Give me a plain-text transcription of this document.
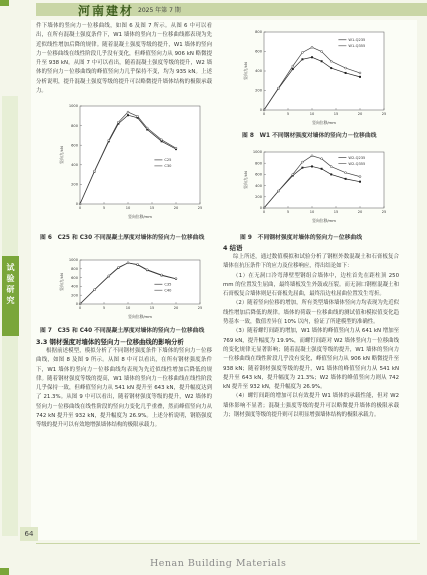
河南建材 2025 年第 7 期
试验研究

件下墙体的竖向力－位移曲线，如图 6 及图 7 所示。从图 6 中可以看出，在所有混凝土强度条件下，W1 墙体的竖向力－位移曲线都表现为先近似线性增加后降的规律。随着混凝土强度等级的提升，W1 墙体的竖向力－位移曲线在线性阶段几乎没有变化，但峰值竖向力从 906 kN 略微提升至 938 kN。从图 7 中可以看出，随着混凝土强度等级的提升，W2 墙体的竖向力－位移曲线的峰值竖向力几乎保持不变，均为 935 kN。上述分析说明，提升混凝土强度等级的提升可以略微提升墙体结构的极限承载力。

0	5	10	15	20	25
0
200
400
600
800
1000
竖向位移/mm
竖向力/kN	C25
C30
图 6　C25 和 C30 不同混凝土厚度对墙体的竖向力－位移曲线
0	5	10	15	20	25
0
200
400
600
800
1000
竖向位移/mm
竖向力/kN	C35
C40
图 7　C35 和 C40 不同混凝土厚度对墙体的竖向力－位移曲线
3.3 钢材强度对墙体的竖向力－位移曲线的影响分析

根据前述模型，模拟分析了不同钢材强度条件下墙体的竖向力－位移曲线，如图 8 及图 9 所示。从图 8 中可以看出，在所有钢材强度条件下，W1 墙体的竖向力－位移曲线均表现为先近似线性增加后降低的规律。随着钢材强度等级的提高，W1 墙体的竖向力－位移曲线在线性阶段几乎保持一致，但峰值竖向力从 541 kN 提升至 643 kN，提升幅度达到了 21.3%。从图 9 中可以看出，随着钢材强度等级的提升，W2 墙体的竖向力－位移曲线在线性阶段的竖向力变化几乎重叠，然而峰值竖向力从 742 kN 提升至 932 kN，提升幅度为 26.9%。上述分析说明，钢筋强度等级的提升可以有效地增强墙体结构的极限承载力。

0	5	10	15	20	25
0
200
400
600
800
竖向位移/mm
竖向力/kN
W1-Q235
W1-Q355
图 8　W1 不同钢材强度对墙体的竖向力－位移曲线
0	5	10	15	20	25
0
200
400
600
800
1000
竖向位移/mm
竖向力/kN
W2-Q235
W2-Q355
图 9　不同钢材强度对墙体的竖向力－位移曲线
4 结语

综上所述，通过数值模拟和试验分析了钢框外数混凝土和石膏板复合墙体在抗压条件下的应力及位移响应，得出结论如下：

（1）在无洞口冷弯薄壁型钢组合墙体中，边柱首先在距柱顶 250 mm 的位置发生屈曲，最终墙板发生外鼓或压裂。而无洞口钢框混凝土和石膏板复合墙体则是石膏板先屈曲，最终沿边柱屈曲位置发生弯折。

（2）随着竖向位移的增加，所有类型墙体墙体竖向力均表现为先近似线性增加后降低的规律。墙体的荷载－位移曲线的测试值和模拟值变化趋势基本一致，数值差异在 10% 以内，验证了所建模型的准确性。

（3）随着螺钉间距的增加，W1 墙体的峰值竖向力从 641 kN 增加至 769 kN，提升幅度为 19.9%，而螺钉间距对 W2 墙体竖向力－位移曲线的变化规律无显著影响；随着混凝土强度等级的提升，W1 墙体的竖向力－位移曲线在线性阶段几乎没有变化，峰值竖向力从 906 kN 略微提升至 938 kN；随着钢材强度等级的提升，W1 墙体的峰值竖向力从 541 kN 提升至 643 kN，提升幅度为 21.3%；W2 墙体的峰值竖向力则从 742 kN 提升至 932 kN，提升幅度为 26.9%。

（4）螺钉间距的增加可以有效提升 W1 墙体的承载性能，但对 W2 墙体影响不显著；混凝土强度等级的提升可以略微提升墙体的极限承载力；钢材强度等级的提升则可以明显增强墙体结构的极限承载力。

64
Henan Building Materials
